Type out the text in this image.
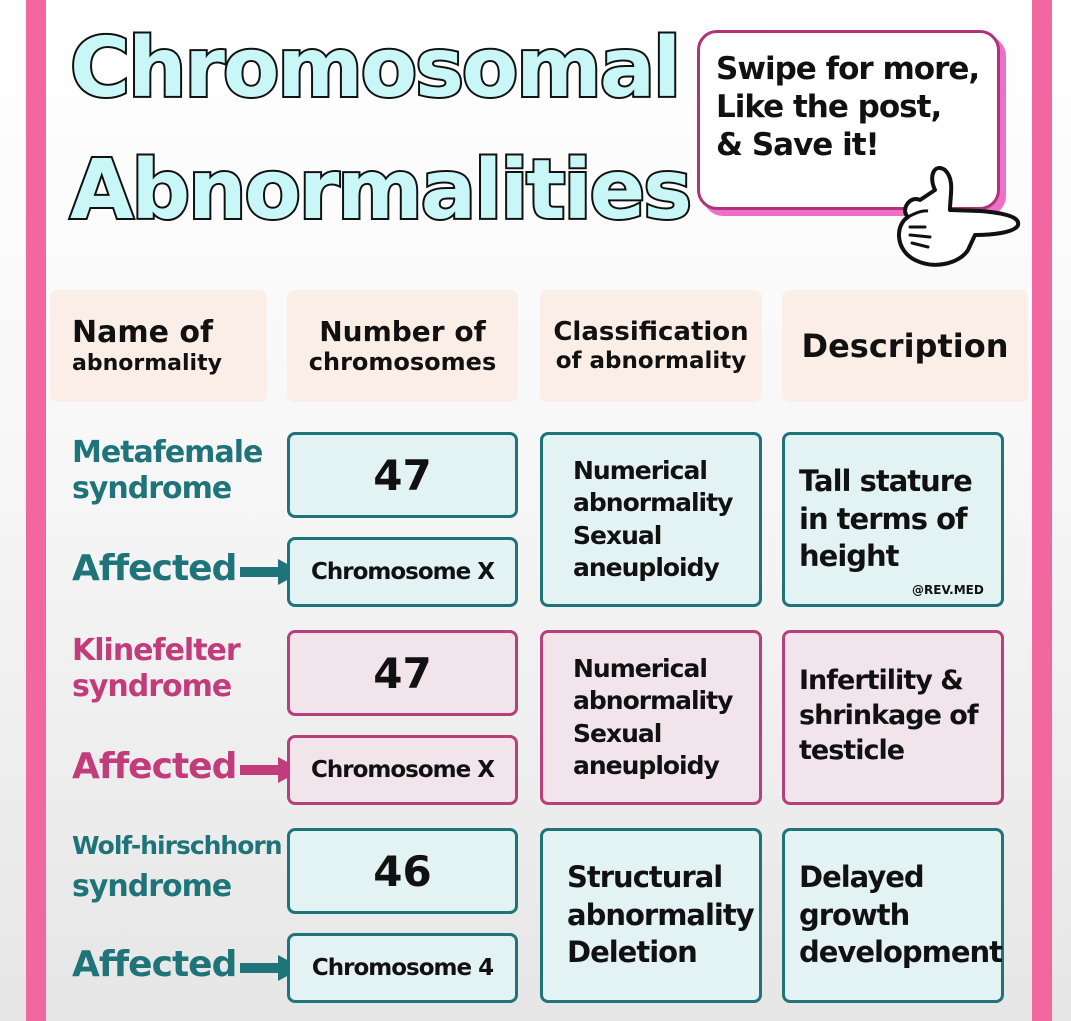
Chromosomal
Abnormalities
Swipe for more,
Like the post,
& Save it!
Name of
abnormality
Number of
chromosomes
Classification
of abnormality Description
Metafemale
syndrome
Affected
47
Chromosome X
Numerical
abnormality
Sexual
aneuploidy
Tall stature
in terms of
height
Klinefelter
syndrome
Affected
47
Chromosome X
Numerical
abnormality
Sexual
aneuploidy
Infertility &
shrinkage of
testicle
Wolf-hirschhorn
syndrome
Affected
46
Chromosome 4
Structural
abnormality
Deletion
Delayed
growth
development
@REV.MED
